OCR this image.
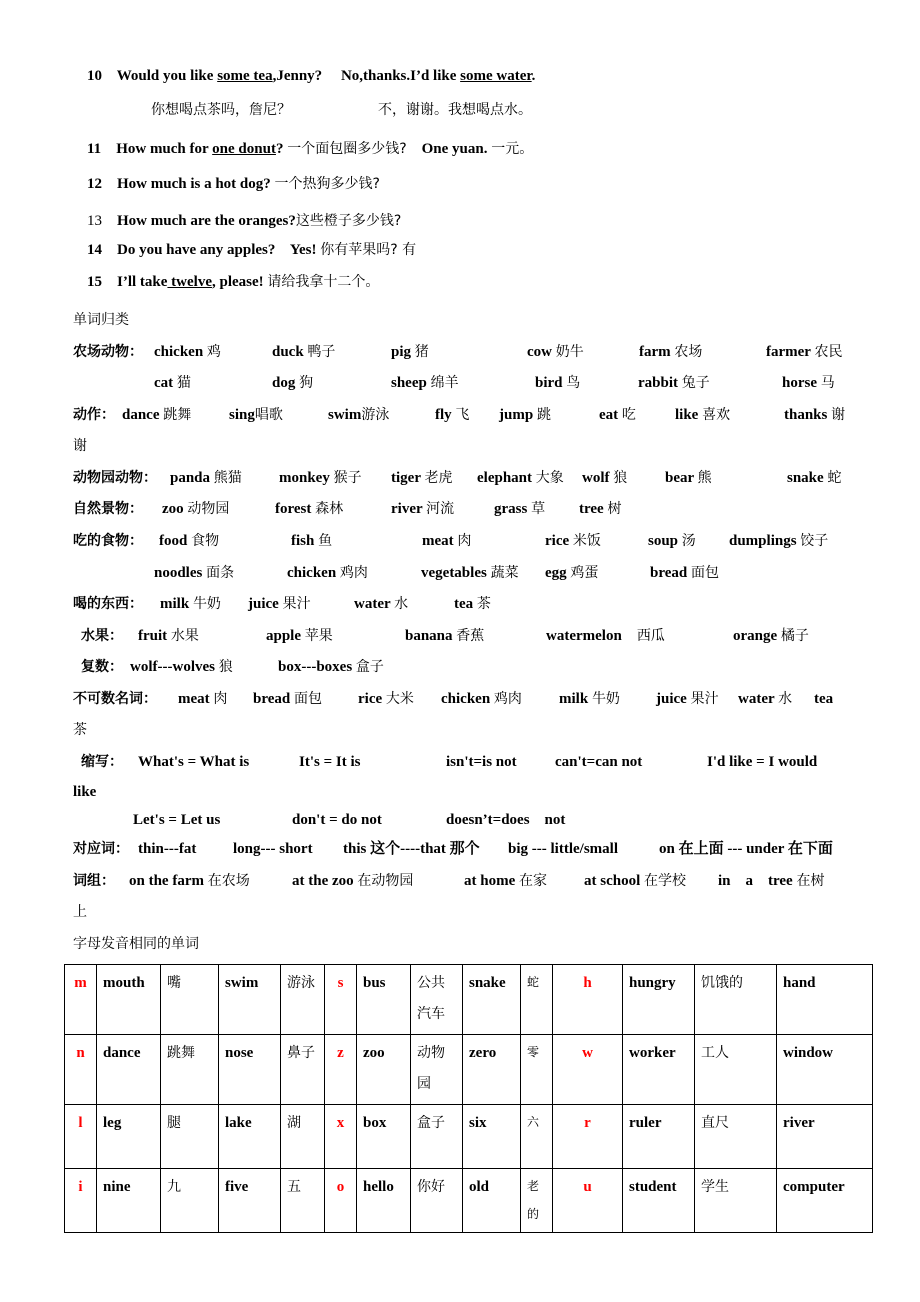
10 Would you like some tea,Jenny? No,thanks.I’d like some water.
你想喝点茶吗，詹尼？	不，谢谢。我想喝点水。
11 How much for one donut? 一个面包圈多少钱? One yuan. 一元。
12 How much is a hot dog? 一个热狗多少钱?
13 How much are the oranges?这些橙子多少钱?
14 Do you have any apples? Yes! 你有苹果吗? 有
15 I’ll take twelve, please! 请给我拿十二个。
单词归类
农场动物： chicken 鸡	duck 鸭子	pig 猪	cow 奶牛	farm 农场	farmer 农民
cat 猫	dog 狗	sheep 绵羊	bird 鸟	rabbit 兔子	horse 马
动作： dance 跳舞	sing唱歌	swim游泳	fly 飞 jump 跳	eat 吃	like 喜欢	thanks 谢
谢
动物园动物： panda 熊猫 monkey 猴子 tiger 老虎 elephant 大象 wolf 狼	bear 熊	snake 蛇
自然景物： zoo 动物园	forest 森林	river 河流	grass 草 tree 树
吃的食物： food 食物	fish 鱼	meat 肉	rice 米饭	soup 汤 dumplings 饺子
noodles 面条	chicken 鸡肉	vegetables 蔬菜 egg 鸡蛋	bread 面包
喝的东西： milk 牛奶 juice 果汁	water 水	tea 茶
水果： fruit 水果	apple 苹果	banana 香蕉	watermelon 西瓜	orange 橘子
复数： wolf---wolves 狼	box---boxes 盒子
不可数名词： meat 肉 bread 面包 rice 大米 chicken 鸡肉 milk 牛奶 juice 果汁 water 水 tea
茶
缩写： What's = What is	It's = It is	isn't=is not	can't=can not	I'd like = I would
like
Let's = Let us	don't = do not	doesn’t=does    not
对应词： thin---fat long--- short this 这个----that 那个 big --- little/small	on 在上面 --- under 在下面
词组： on the farm 在农场	at the zoo 在动物园	at home 在家 at school 在学校 in    a    tree 在树
上
字母发音相同的单词
m	mouth	嘴	swim	游泳	s	bus	公共汽车	snake	蛇	h	hungry	饥饿的	hand	
n	dance	跳舞	nose	鼻子	z	zoo	动物园	zero	零	w	worker	工人	window	
l	leg	腿	lake	湖	x	box	盒子	six	六	r	ruler	直尺	river	
i	nine	九	five	五	o	hello	你好	old	老的	u	student	学生	computer	
